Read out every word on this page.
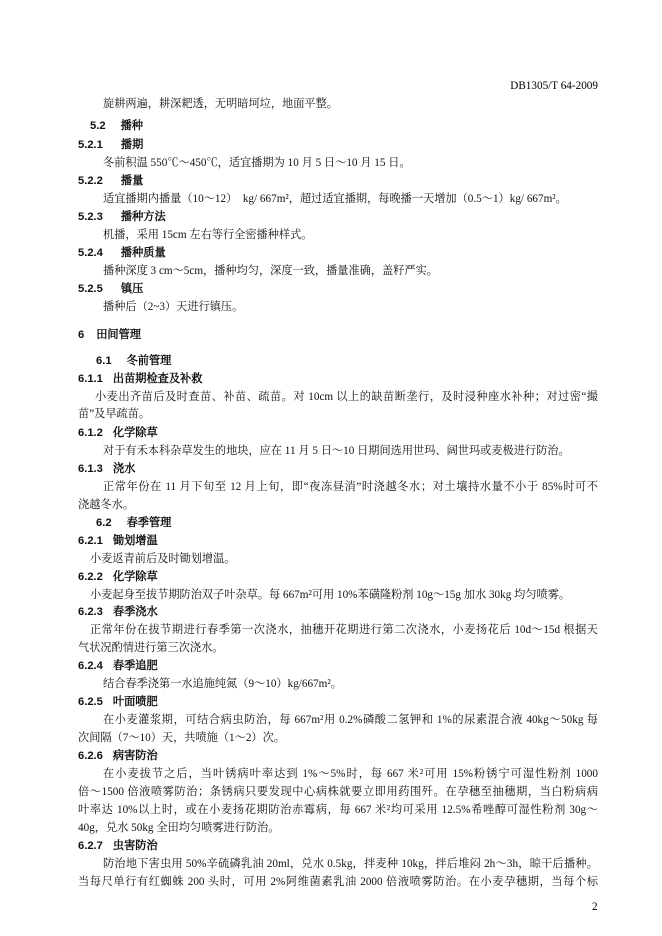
DB1305/T 64-2009
旋耕两遍，耕深耙透，无明暗坷垃，地面平整。
5.2 播种
5.2.1 播期
冬前积温 550℃～450℃，适宜播期为 10 月 5 日～10 月 15 日。
5.2.2 播量
适宜播期内播量（10～12）　kg/ 667m²，超过适宜播期，每晚播一天增加（0.5～1）kg/ 667m²。
5.2.3 播种方法
机播，采用 15cm 左右等行全密播种样式。
5.2.4 播种质量
播种深度 3 cm～5cm，播种均匀，深度一致，播量准确，盖籽严实。
5.2.5 镇压
播种后（2~3）天进行镇压。
6 田间管理
6.1 冬前管理
6.1.1 出苗期检查及补救
小麦出齐苗后及时查苗、补苗、疏苗。对 10cm 以上的缺苗断垄行，及时浸种座水补种；对过密“撮
苗”及早疏苗。
6.1.2 化学除草
对于有禾本科杂草发生的地块，应在 11 月 5 日～10 日期间选用世玛、阔世玛或麦极进行防治。
6.1.3 浇水
正常年份在 11 月下旬至 12 月上旬，即“夜冻昼消”时浇越冬水；对土壤持水量不小于 85%时可不
浇越冬水。
6.2 春季管理
6.2.1 锄划增温
小麦返青前后及时锄划增温。
6.2.2 化学除草
小麦起身至拔节期防治双子叶杂草。每 667m²可用 10%苯磺隆粉剂 10g～15g 加水 30kg 均匀喷雾。
6.2.3 春季浇水
正常年份在拔节期进行春季第一次浇水，抽穗开花期进行第二次浇水，小麦扬花后 10d～15d 根据天
气状况酌情进行第三次浇水。
6.2.4 春季追肥
结合春季浇第一水追施纯氮（9～10）kg/667m²。
6.2.5 叶面喷肥
在小麦灌浆期，可结合病虫防治，每 667m²用 0.2%磷酸二氢钾和 1%的尿素混合液 40kg～50kg 每
次间隔（7～10）天，共喷施（1～2）次。
6.2.6 病害防治
在小麦拔节之后，当叶锈病叶率达到 1%～5%时，每 667 米²可用 15%粉锈宁可湿性粉剂 1000
倍～1500 倍液喷雾防治；条锈病只要发现中心病株就要立即用药围歼。在孕穗至抽穗期，当白粉病病
叶率达 10%以上时，或在小麦扬花期防治赤霉病，每 667 米²均可采用 12.5%希唑醇可湿性粉剂 30g～
40g，兑水 50kg 全田均匀喷雾进行防治。
6.2.7 虫害防治
防治地下害虫用 50%辛硫磷乳油 20ml，兑水 0.5kg，拌麦种 10kg，拌后堆闷 2h～3h，晾干后播种。
当每尺单行有红蜘蛛 200 头时，可用 2%阿维菌素乳油 2000 倍液喷雾防治。在小麦孕穗期，当每个标
2
